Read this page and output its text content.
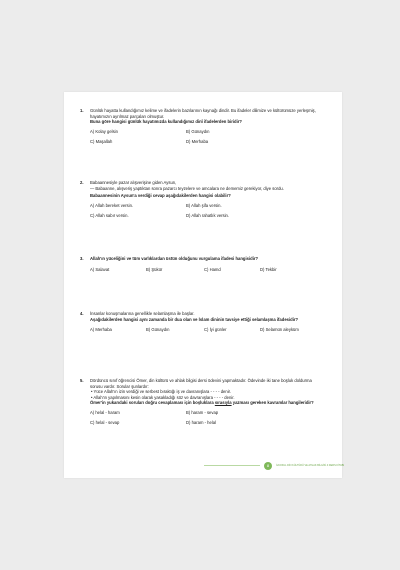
1. Günlük hayatta kullandığımız kelime ve ifadelerin bazılarının kaynağı dindir. Bu ifadeler dilimize ve kültürümüze yerleşmiş, hayatımızın ayrılmaz parçaları olmuştur.
Buna göre hangisi günlük hayatımızda kullandığımız dinî ifadelerden biridir?
A) Kolay gelsin	B) Günaydın
C) Maşallah	D) Merhaba
2. Babaannesiyle pazar alışverişine giden Aysun,
— Babaanne, alışveriş yaptıktan sonra pazarcı teyzelere ve amcalara ne dememiz gerekiyor, diye sordu.
Babaannesinin Aysun'a verdiği cevap aşağıdakilerden hangisi olabilir?
A) Allah bereket versin.	B) Allah şifa versin.
C) Allah sabır versin.	D) Allah rahatlık versin.
3. Allah'ın yüceliğini ve tüm varlıklardan üstün olduğunu vurgulama ifadesi hangisidir?
A) Salavat	B) Şükür	C) Hamd	D) Tekbir
4. İnsanlar konuşmalarına genellikle selamlaşma ile başlar.
Aşağıdakilerden hangisi aynı zamanda bir dua olan ve İslam dininin tavsiye ettiği selamlaşma ifadesidir?
A) Merhaba	B) Günaydın	C) İyi günler	D) Selamün aleyküm
5. Dördüncü sınıf öğrencisi Ömer, din kültürü ve ahlak bilgisi dersi ödevini yapmaktadır. Ödevinde iki tane boşluk doldurma sorusu vardır. Sorular şunlardır:
• Yüce Allah'ın izin verdiği ve serbest bıraktığı iş ve davranışlara - - - - denir.
• Allah'ın yapılmasını kesin olarak yasakladığı söz ve davranışlara - - - - denir.
Ömer'in yukarıdaki soruları doğru cevaplaması için boşluklara sırasıyla yazması gereken kavramlar hangileridir?
A) helal - haram	B) haram - sevap
C) helal - sevap	D) haram - helal
8	İLKOKUL DİN KÜLTÜRÜ VE AHLAK BİLGİSİ 4 DERS KİTABI
